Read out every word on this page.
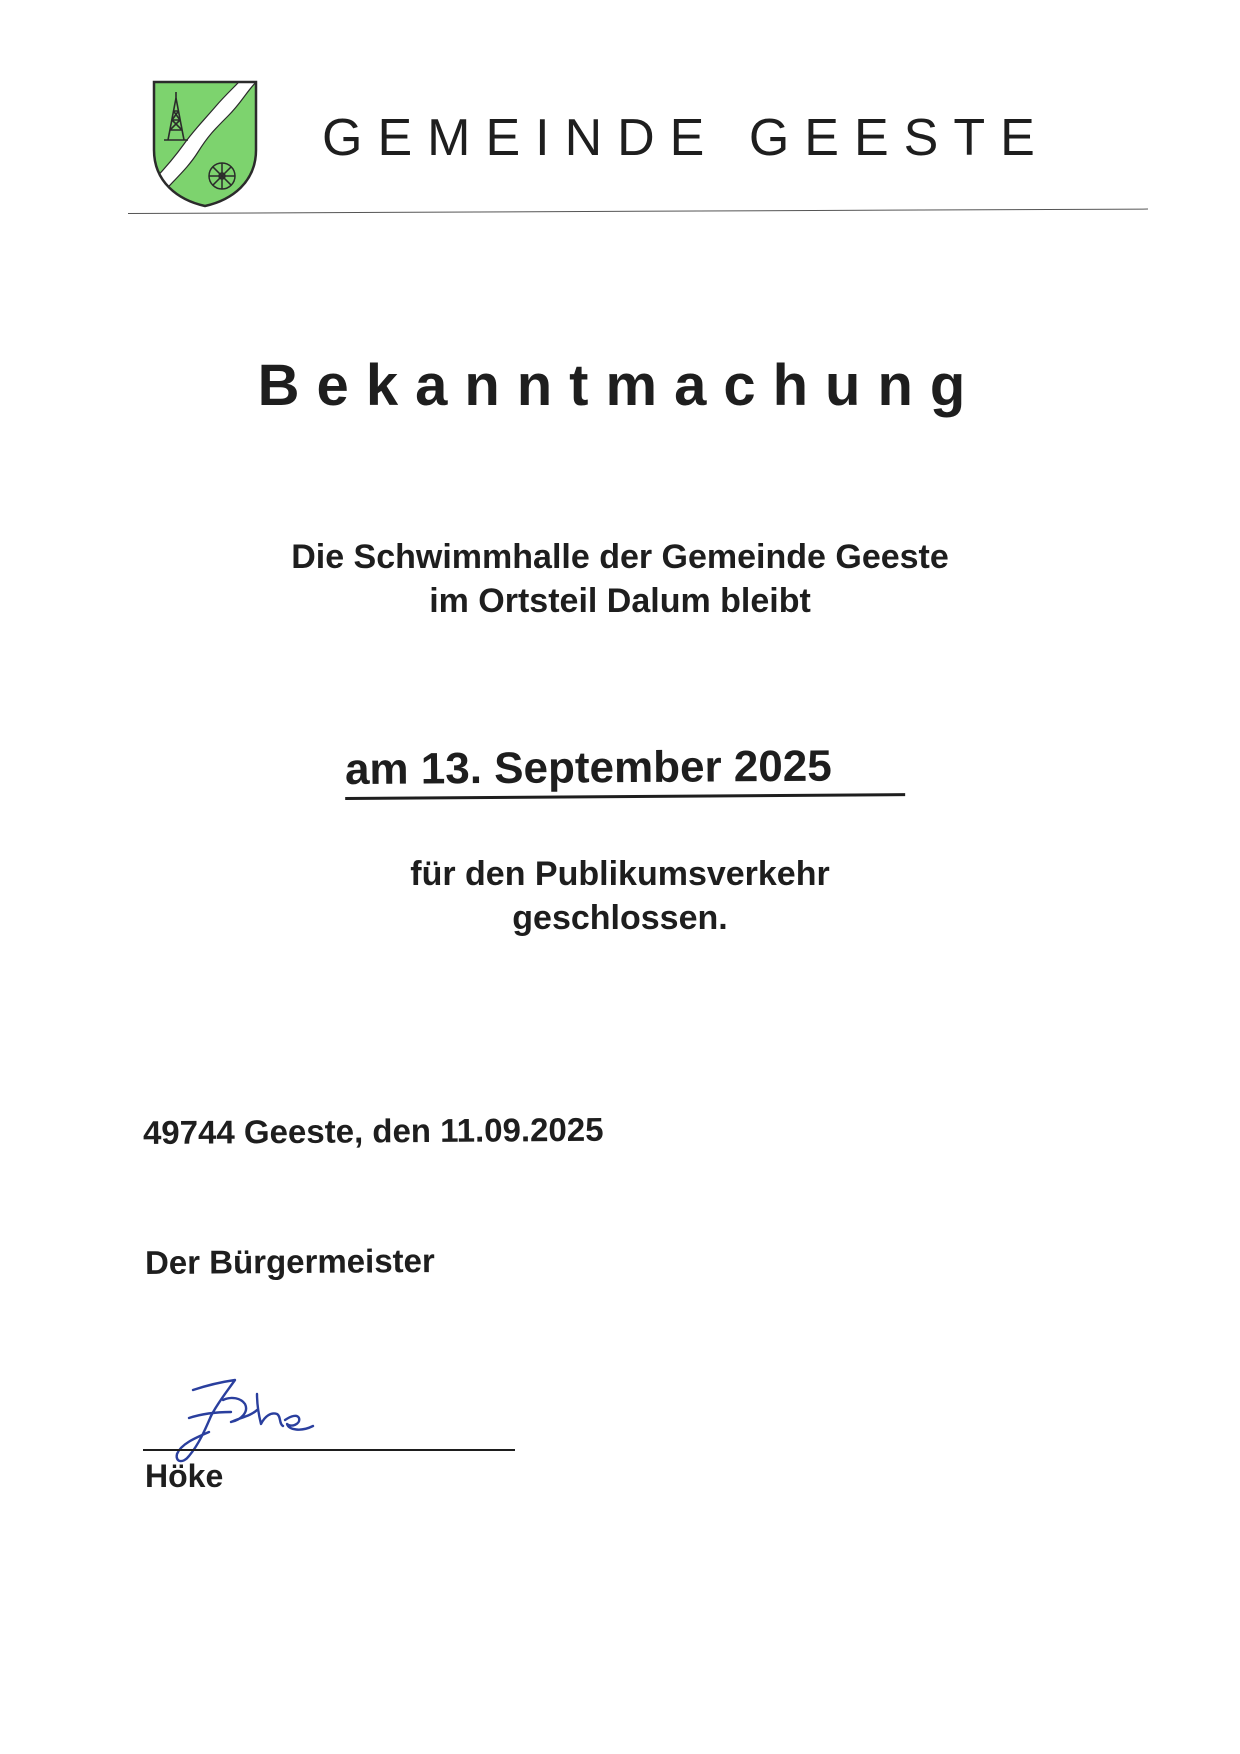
GEMEINDE GEESTE
Bekanntmachung
Die Schwimmhalle der Gemeinde Geeste
im Ortsteil Dalum bleibt
am 13. September 2025
für den Publikumsverkehr
geschlossen.
49744 Geeste, den 11.09.2025
Der Bürgermeister
Höke
